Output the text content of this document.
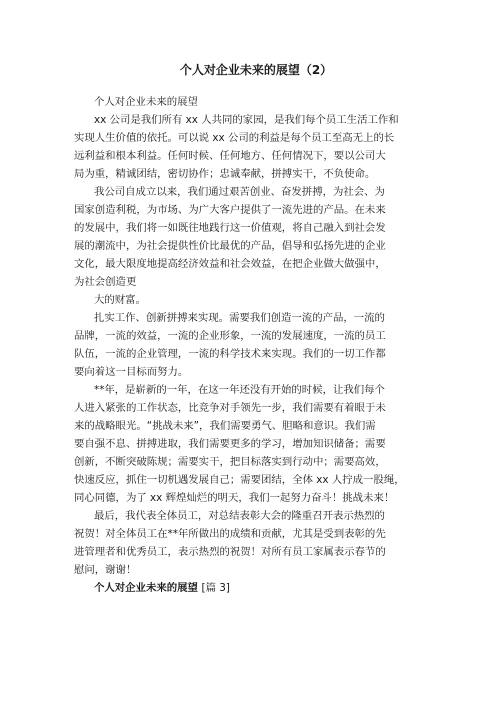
个人对企业未来的展望（2）
个人对企业未来的展望
xx 公司是我们所有 xx 人共同的家园，是我们每个员工生活工作和
实现人生价值的依托。可以说 xx 公司的利益是每个员工至高无上的长
远利益和根本利益。任何时候、任何地方、任何情况下，要以公司大
局为重，精诚团结，密切协作；忠诚奉献，拼搏实干，不负使命。
我公司自成立以来，我们通过艰苦创业、奋发拼搏，为社会、为
国家创造利税，为市场、为广大客户提供了一流先进的产品。在未来
的发展中，我们将一如既往地践行这一价值观，将自己融入到社会发
展的潮流中，为社会提供性价比最优的产品，倡导和弘扬先进的企业
文化，最大限度地提高经济效益和社会效益，在把企业做大做强中，
为社会创造更
大的财富。
扎实工作、创新拼搏来实现。需要我们创造一流的产品，一流的
品牌，一流的效益，一流的企业形象，一流的发展速度，一流的员工
队伍，一流的企业管理，一流的科学技术来实现。我们的一切工作都
要向着这一目标而努力。
**年，是崭新的一年，在这一年还没有开始的时候，让我们每个
人进入紧张的工作状态，比竞争对手领先一步，我们需要有着眼于未
来的战略眼光。“挑战未来”，我们需要勇气、胆略和意识。我们需
要自强不息、拼搏进取，我们需要更多的学习，增加知识储备；需要
创新，不断突破陈规；需要实干，把目标落实到行动中；需要高效，
快速反应，抓住一切机遇发展自己；需要团结，全体 xx 人拧成一股绳，
同心同德，为了 xx 辉煌灿烂的明天，我们一起努力奋斗！挑战未来！
最后，我代表全体员工，对总结表彰大会的隆重召开表示热烈的
祝贺！对全体员工在**年所做出的成绩和贡献，尤其是受到表彰的先
进管理者和优秀员工，表示热烈的祝贺！对所有员工家属表示春节的
慰问，谢谢！
个人对企业未来的展望 [篇 3]
